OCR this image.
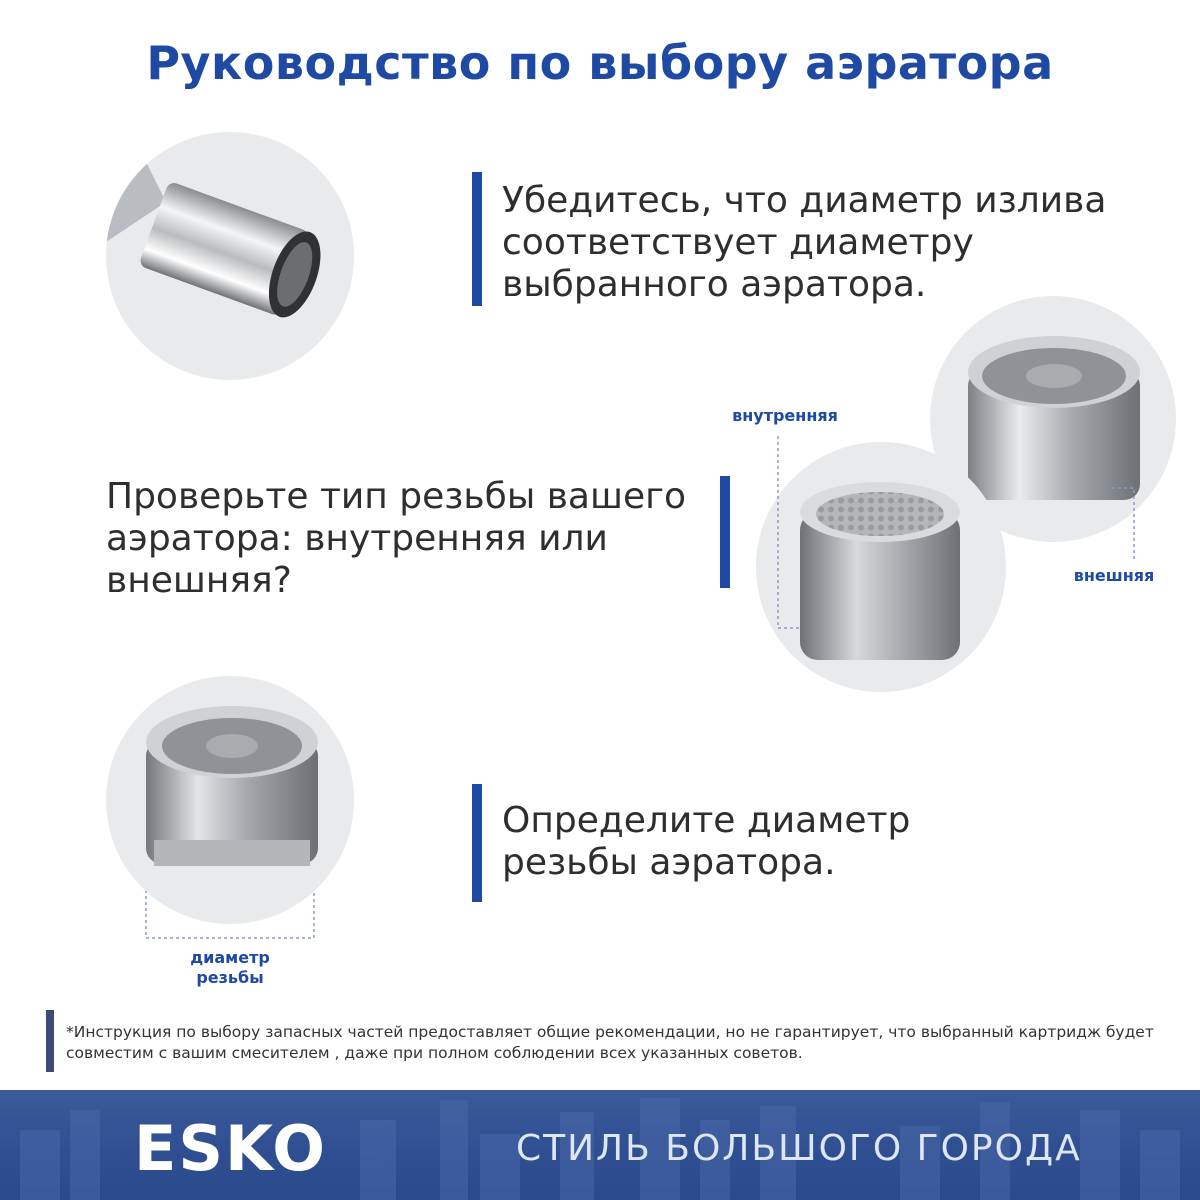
Руководство по выбору аэратора
Убедитесь, что диаметр излива
соответствует диаметру
выбранного аэратора.
Проверьте тип резьбы вашего
аэратора: внутренняя или
внешняя?
внутренняя
внешняя
диаметр
резьбы
Определите диаметр
резьбы аэратора.
*Инструкция по выбору запасных частей предоставляет общие рекомендации, но не гарантирует, что выбранный картридж будет совместим с вашим смесителем , даже при полном соблюдении всех указанных советов.
ESKO	СТИЛЬ БОЛЬШОГО ГОРОДА
